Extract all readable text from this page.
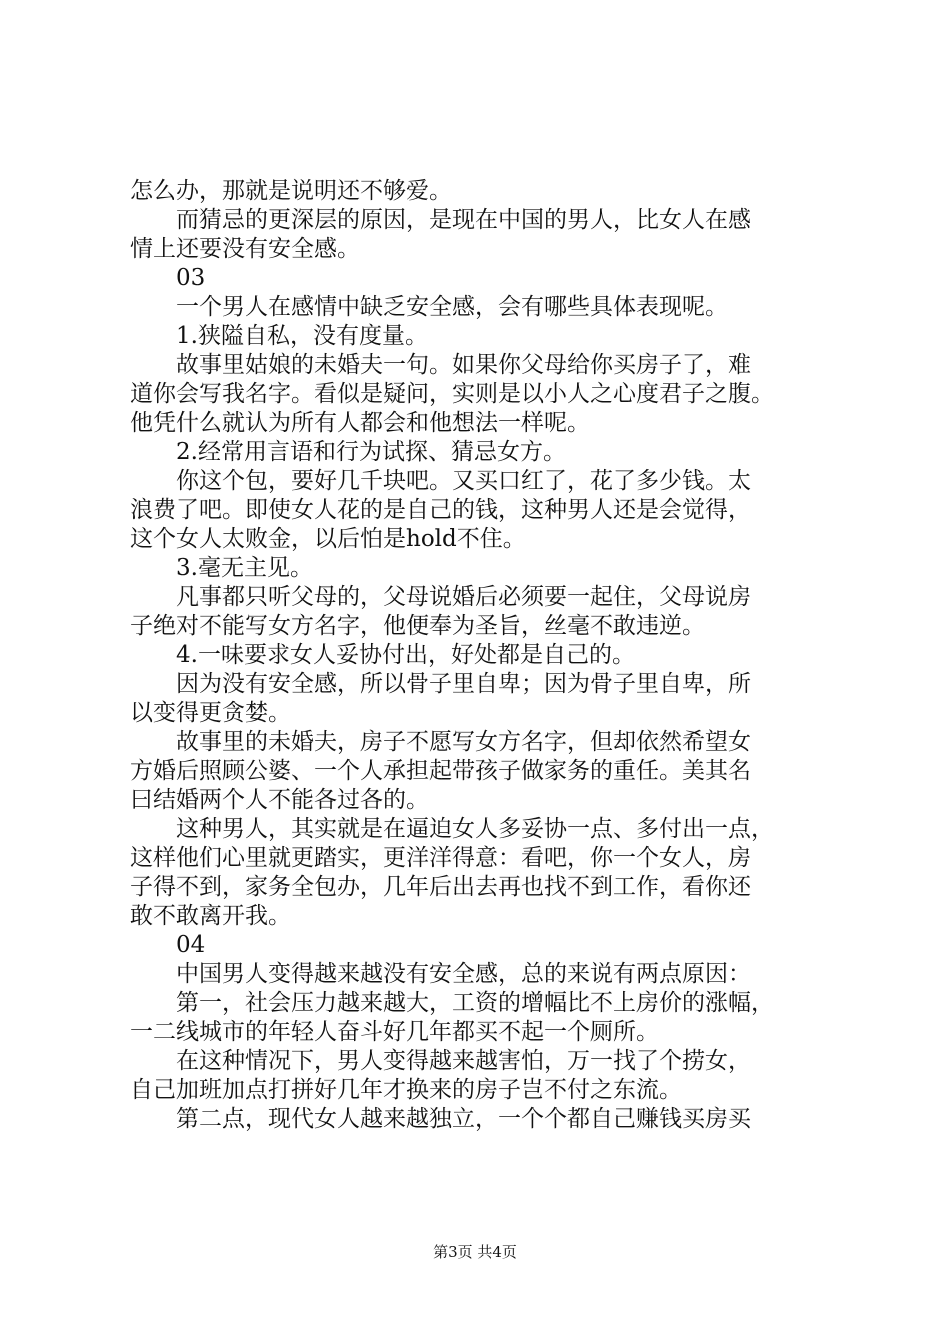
怎么办，那就是说明还不够爱。
而猜忌的更深层的原因，是现在中国的男人，比女人在感
情上还要没有安全感。
03
一个男人在感情中缺乏安全感，会有哪些具体表现呢。
1.狭隘自私，没有度量。
故事里姑娘的未婚夫一句。如果你父母给你买房子了，难
道你会写我名字。看似是疑问，实则是以小人之心度君子之腹。
他凭什么就认为所有人都会和他想法一样呢。
2.经常用言语和行为试探、猜忌女方。
你这个包，要好几千块吧。又买口红了，花了多少钱。太
浪费了吧。即使女人花的是自己的钱，这种男人还是会觉得，
这个女人太败金，以后怕是hold不住。
3.毫无主见。
凡事都只听父母的，父母说婚后必须要一起住，父母说房
子绝对不能写女方名字，他便奉为圣旨，丝毫不敢违逆。
4.一味要求女人妥协付出，好处都是自己的。
因为没有安全感，所以骨子里自卑；因为骨子里自卑，所
以变得更贪婪。
故事里的未婚夫，房子不愿写女方名字，但却依然希望女
方婚后照顾公婆、一个人承担起带孩子做家务的重任。美其名
曰结婚两个人不能各过各的。
这种男人，其实就是在逼迫女人多妥协一点、多付出一点，
这样他们心里就更踏实，更洋洋得意：看吧，你一个女人，房
子得不到，家务全包办，几年后出去再也找不到工作，看你还
敢不敢离开我。
04
中国男人变得越来越没有安全感，总的来说有两点原因：
第一，社会压力越来越大，工资的增幅比不上房价的涨幅，
一二线城市的年轻人奋斗好几年都买不起一个厕所。
在这种情况下，男人变得越来越害怕，万一找了个捞女，
自己加班加点打拼好几年才换来的房子岂不付之东流。
第二点，现代女人越来越独立，一个个都自己赚钱买房买
第3页 共4页
